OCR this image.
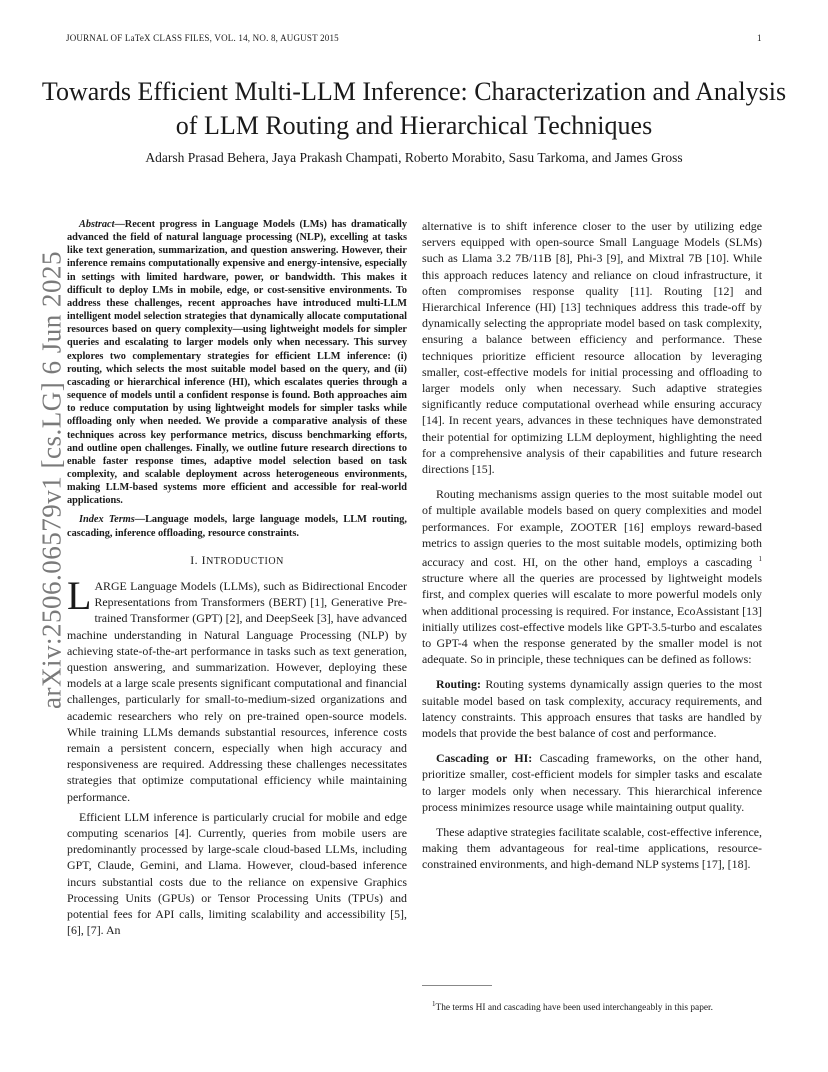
JOURNAL OF LaTeX CLASS FILES, VOL. 14, NO. 8, AUGUST 2015	1
Towards Efficient Multi-LLM Inference: Characterization and Analysis of LLM Routing and Hierarchical Techniques
Adarsh Prasad Behera, Jaya Prakash Champati, Roberto Morabito, Sasu Tarkoma, and James Gross
arXiv:2506.06579v1 [cs.LG] 6 Jun 2025

Abstract—Recent progress in Language Models (LMs) has dramatically advanced the field of natural language processing (NLP), excelling at tasks like text generation, summarization, and question answering. However, their inference remains computationally expensive and energy-intensive, especially in settings with limited hardware, power, or bandwidth. This makes it difficult to deploy LMs in mobile, edge, or cost-sensitive environments. To address these challenges, recent approaches have introduced multi-LLM intelligent model selection strategies that dynamically allocate computational resources based on query complexity—using lightweight models for simpler queries and escalating to larger models only when necessary. This survey explores two complementary strategies for efficient LLM inference: (i) routing, which selects the most suitable model based on the query, and (ii) cascading or hierarchical inference (HI), which escalates queries through a sequence of models until a confident response is found. Both approaches aim to reduce computation by using lightweight models for simpler tasks while offloading only when needed. We provide a comparative analysis of these techniques across key performance metrics, discuss benchmarking efforts, and outline open challenges. Finally, we outline future research directions to enable faster response times, adaptive model selection based on task complexity, and scalable deployment across heterogeneous environments, making LLM-based systems more efficient and accessible for real-world applications.

Index Terms—Language models, large language models, LLM routing, cascading, inference offloading, resource constraints.

I. INTRODUCTION

LARGE Language Models (LLMs), such as Bidirectional Encoder Representations from Transformers (BERT) [1], Generative Pre-trained Transformer (GPT) [2], and DeepSeek [3], have advanced machine understanding in Natural Language Processing (NLP) by achieving state-of-the-art performance in tasks such as text generation, question answering, and summarization. However, deploying these models at a large scale presents significant computational and financial challenges, particularly for small-to-medium-sized organizations and academic researchers who rely on pre-trained open-source models. While training LLMs demands substantial resources, inference costs remain a persistent concern, especially when high accuracy and responsiveness are required. Addressing these challenges necessitates strategies that optimize computational efficiency while maintaining performance.

Efficient LLM inference is particularly crucial for mobile and edge computing scenarios [4]. Currently, queries from mobile users are predominantly processed by large-scale cloud-based LLMs, including GPT, Claude, Gemini, and Llama. However, cloud-based inference incurs substantial costs due to the reliance on expensive Graphics Processing Units (GPUs) or Tensor Processing Units (TPUs) and potential fees for API calls, limiting scalability and accessibility [5], [6], [7]. An

alternative is to shift inference closer to the user by utilizing edge servers equipped with open-source Small Language Models (SLMs) such as Llama 3.2 7B/11B [8], Phi-3 [9], and Mixtral 7B [10]. While this approach reduces latency and reliance on cloud infrastructure, it often compromises response quality [11]. Routing [12] and Hierarchical Inference (HI) [13] techniques address this trade-off by dynamically selecting the appropriate model based on task complexity, ensuring a balance between efficiency and performance. These techniques prioritize efficient resource allocation by leveraging smaller, cost-effective models for initial processing and offloading to larger models only when necessary. Such adaptive strategies significantly reduce computational overhead while ensuring accuracy [14]. In recent years, advances in these techniques have demonstrated their potential for optimizing LLM deployment, highlighting the need for a comprehensive analysis of their capabilities and future research directions [15].

Routing mechanisms assign queries to the most suitable model out of multiple available models based on query complexities and model performances. For example, ZOOTER [16] employs reward-based metrics to assign queries to the most suitable models, optimizing both accuracy and cost. HI, on the other hand, employs a cascading $^1$ structure where all the queries are processed by lightweight models first, and complex queries will escalate to more powerful models only when additional processing is required. For instance, EcoAssistant [13] initially utilizes cost-effective models like GPT-3.5-turbo and escalates to GPT-4 when the response generated by the smaller model is not adequate. So in principle, these techniques can be defined as follows:

Routing: Routing systems dynamically assign queries to the most suitable model based on task complexity, accuracy requirements, and latency constraints. This approach ensures that tasks are handled by models that provide the best balance of cost and performance.

Cascading or HI: Cascading frameworks, on the other hand, prioritize smaller, cost-efficient models for simpler tasks and escalate to larger models only when necessary. This hierarchical inference process minimizes resource usage while maintaining output quality.

These adaptive strategies facilitate scalable, cost-effective inference, making them advantageous for real-time applications, resource-constrained environments, and high-demand NLP systems [17], [18].

$^1$The terms HI and cascading have been used interchangeably in this paper.
